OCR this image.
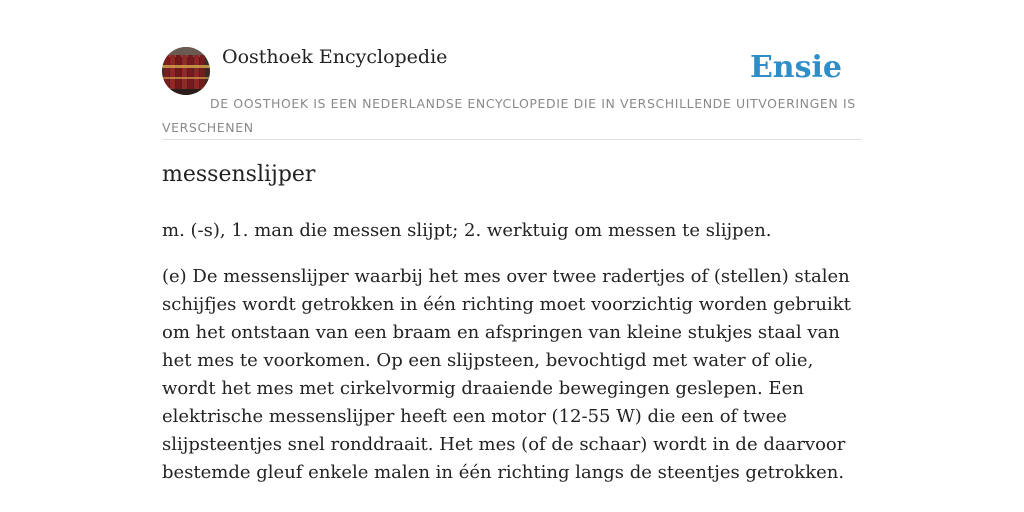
Oosthoek Encyclopedie	Ensie
DE OOSTHOEK IS EEN NEDERLANDSE ENCYCLOPEDIE DIE IN VERSCHILLENDE UITVOERINGEN IS VERSCHENEN
messenslijper

m. (-s), 1. man die messen slijpt; 2. werktuig om messen te slijpen.

(e) De messenslijper waarbij het mes over twee radertjes of (stellen) stalen schijfjes wordt getrokken in één richting moet voorzichtig worden gebruikt om het ontstaan van een braam en afspringen van kleine stukjes staal van het mes te voorkomen. Op een slijpsteen, bevochtigd met water of olie, wordt het mes met cirkelvormig draaiende bewegingen geslepen. Een elektrische messenslijper heeft een motor (12-55 W) die een of twee slijpsteentjes snel ronddraait. Het mes (of de schaar) wordt in de daarvoor bestemde gleuf enkele malen in één richting langs de steentjes getrokken.
